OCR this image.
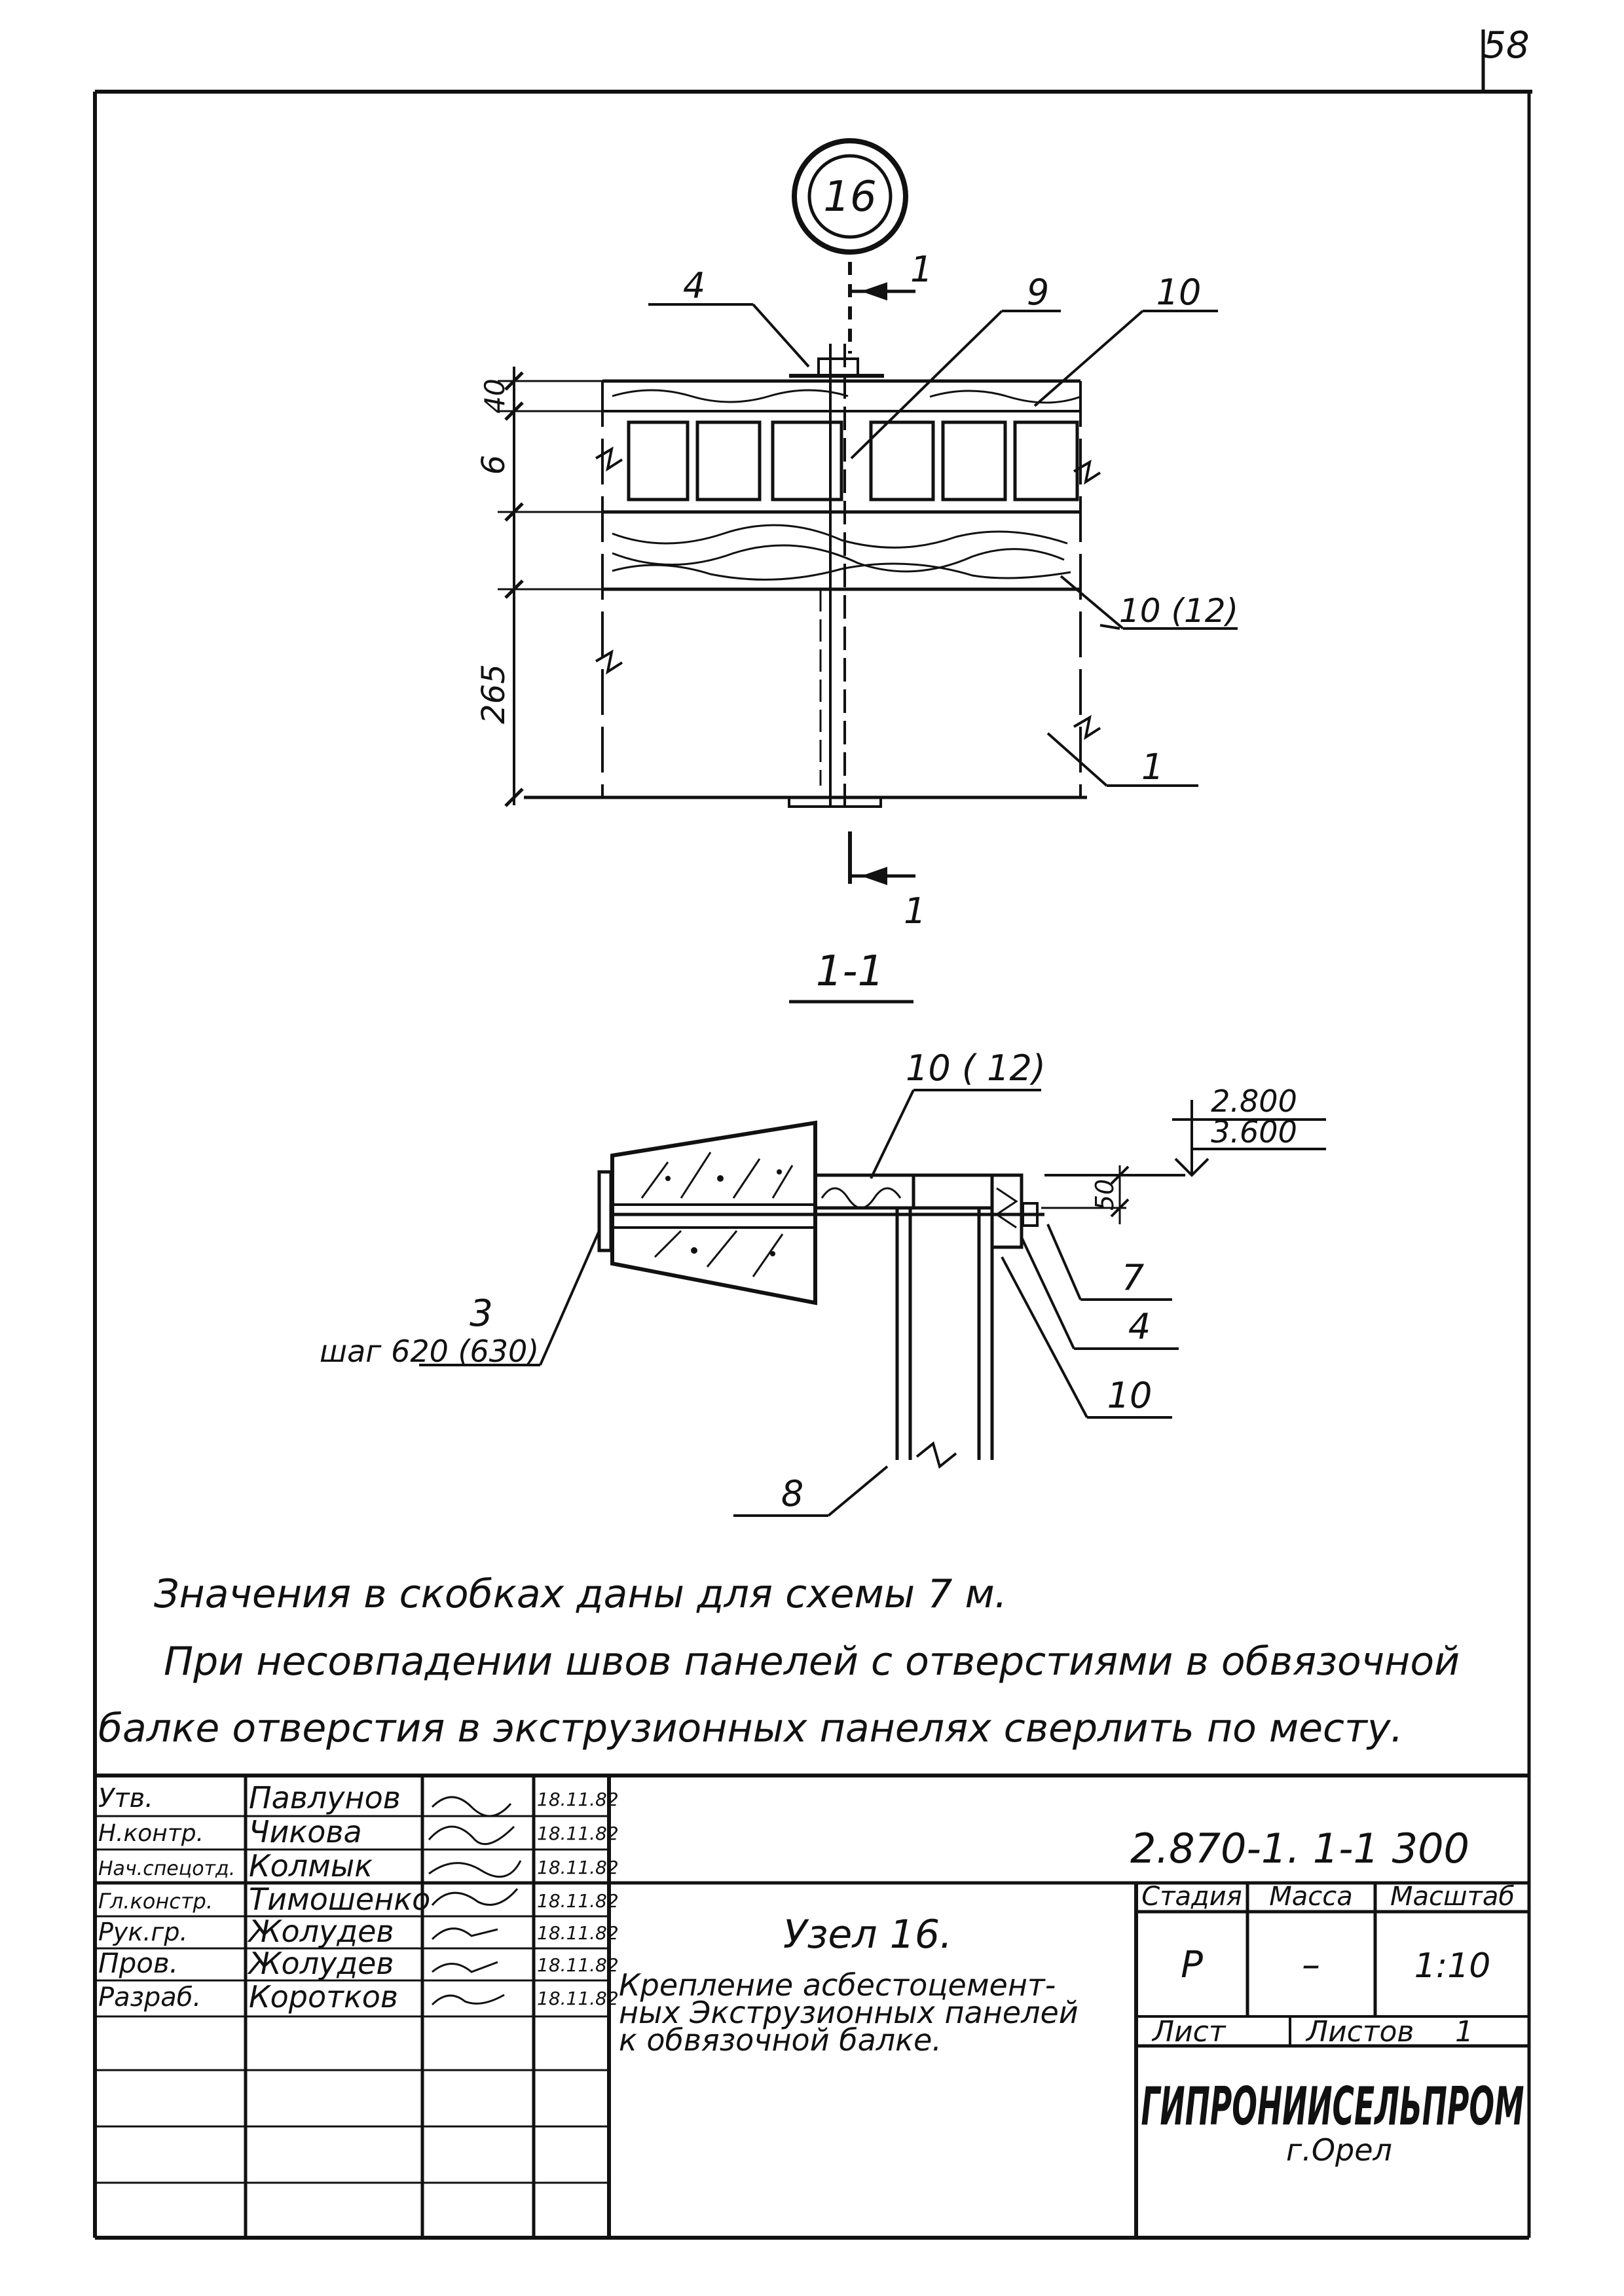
58
16
1
1
4	9	10
10 (12)
1
40
6
265
1-1
10 ( 12)
2.800
3.600
50
7
4
10
8
3
шаг 620 (630)
Значения в скобках даны для схемы 7 м.
При несовпадении швов панелей с отверстиями в обвязочной
балке отверстия в экструзионных панелях сверлить по месту.
Утв.	Павлунов	18.11.82
Н.контр. Чикова	18.11.82
Нач.спецотд. Колмык	18.11.82
Гл.констр. Тимошенко	18.11.82
Рук.гр. Жолудев	18.11.82
Пров. Жолудев	18.11.82
Разраб. Коротков	18.11.82
2.870-1. 1-1 300
Узел 16.
Крепление асбестоцемент-
ных Экструзионных панелей
к обвязочной балке.
Стадия Масса Масштаб
Р	–	1:10
Лист	Листов 1
ГИПРОНИИСЕЛЬПРОМ
г.Орел
